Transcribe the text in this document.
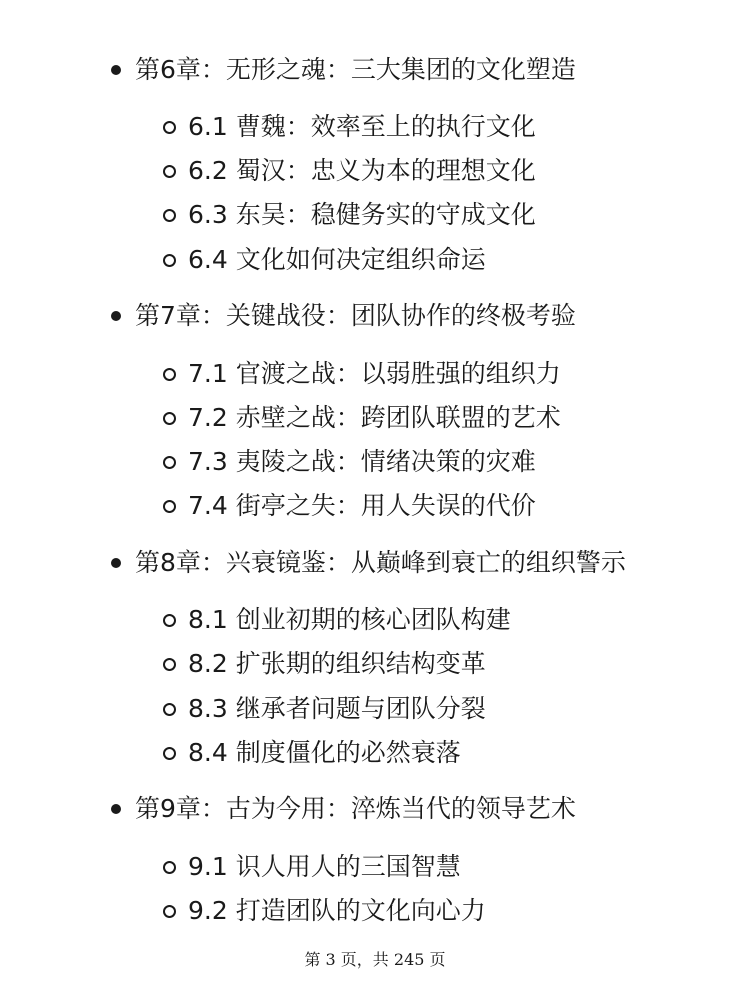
第6章：无形之魂：三大集团的文化塑造
6.1 曹魏：效率至上的执行文化
6.2 蜀汉：忠义为本的理想文化
6.3 东吴：稳健务实的守成文化
6.4 文化如何决定组织命运
第7章：关键战役：团队协作的终极考验
7.1 官渡之战：以弱胜强的组织力
7.2 赤壁之战：跨团队联盟的艺术
7.3 夷陵之战：情绪决策的灾难
7.4 街亭之失：用人失误的代价
第8章：兴衰镜鉴：从巅峰到衰亡的组织警示
8.1 创业初期的核心团队构建
8.2 扩张期的组织结构变革
8.3 继承者问题与团队分裂
8.4 制度僵化的必然衰落
第9章：古为今用：淬炼当代的领导艺术
9.1 识人用人的三国智慧
9.2 打造团队的文化向心力
第 3 页，共 245 页
